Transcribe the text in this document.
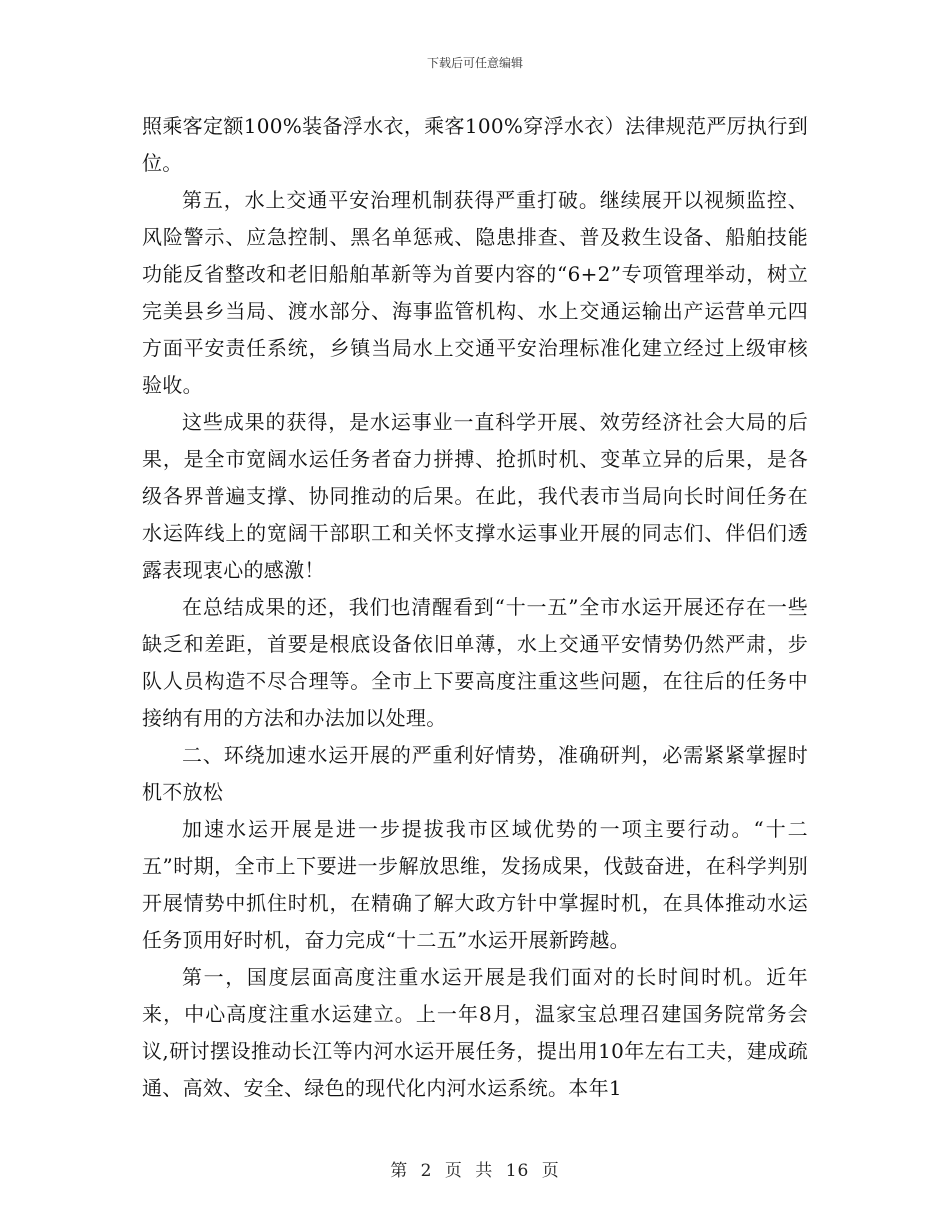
下载后可任意编辑

照乘客定额100%装备浮水衣，乘客100%穿浮水衣）法律规范严厉执行到位。

第五，水上交通平安治理机制获得严重打破。继续展开以视频监控、风险警示、应急控制、黑名单惩戒、隐患排查、普及救生设备、船舶技能功能反省整改和老旧船舶革新等为首要内容的“6+2”专项管理举动，树立完美县乡当局、渡水部分、海事监管机构、水上交通运输出产运营单元四方面平安责任系统，乡镇当局水上交通平安治理标准化建立经过上级审核验收。

这些成果的获得，是水运事业一直科学开展、效劳经济社会大局的后果，是全市宽阔水运任务者奋力拼搏、抢抓时机、变革立异的后果，是各级各界普遍支撑、协同推动的后果。在此，我代表市当局向长时间任务在水运阵线上的宽阔干部职工和关怀支撑水运事业开展的同志们、伴侣们透露表现衷心的感激！

在总结成果的还，我们也清醒看到“十一五”全市水运开展还存在一些缺乏和差距，首要是根底设备依旧单薄，水上交通平安情势仍然严肃，步队人员构造不尽合理等。全市上下要高度注重这些问题，在往后的任务中接纳有用的方法和办法加以处理。

二、环绕加速水运开展的严重利好情势，准确研判，必需紧紧掌握时机不放松

加速水运开展是进一步提拔我市区域优势的一项主要行动。“十二五”时期，全市上下要进一步解放思维，发扬成果，伐鼓奋进，在科学判别开展情势中抓住时机，在精确了解大政方针中掌握时机，在具体推动水运任务顶用好时机，奋力完成“十二五”水运开展新跨越。

第一，国度层面高度注重水运开展是我们面对的长时间时机。近年来，中心高度注重水运建立。上一年8月，温家宝总理召建国务院常务会议,研讨摆设推动长江等内河水运开展任务，提出用10年左右工夫，建成疏通、高效、安全、绿色的现代化内河水运系统。本年1

第 2 页 共 16 页
